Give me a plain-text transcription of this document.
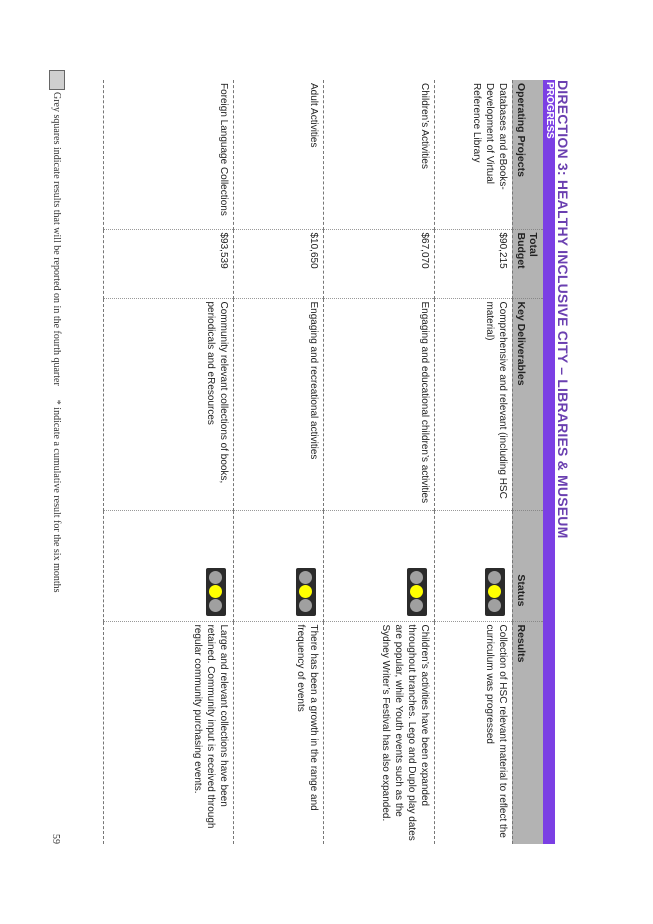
DIRECTION 3: HEALTHY INCLUSIVE CITY – LIBRARIES & MUSEUM
PROGRESS
Operating Projects	Total Budget	Key Deliverables	Status	Results
Databases and eBooks- Development of Virtual Reference Library	$90,215	Comprehensive and relevant (including HSC material)		Collection of HSC relevant material to reflect the curriculum was progressed
Children’s Activities	$67,070	Engaging and educational children’s activities		Children’s activities have been expanded throughout branches. Lego and Duplo play dates are popular, while Youth events such as the Sydney Writer’s Festival has also expanded.
Adult Activities	$10,650	Engaging and recreational activities		There has been a growth in the range and frequency of events
Foreign Language Collections	$93,539	Community relevant collections of books, periodicals and eResources		Large and relevant collections have been retained. Community input is received through regular community purchasing events.
Grey squares indicate results that will be reported on in the fourth quarter
* indicate a cumulative result for the six months
59
